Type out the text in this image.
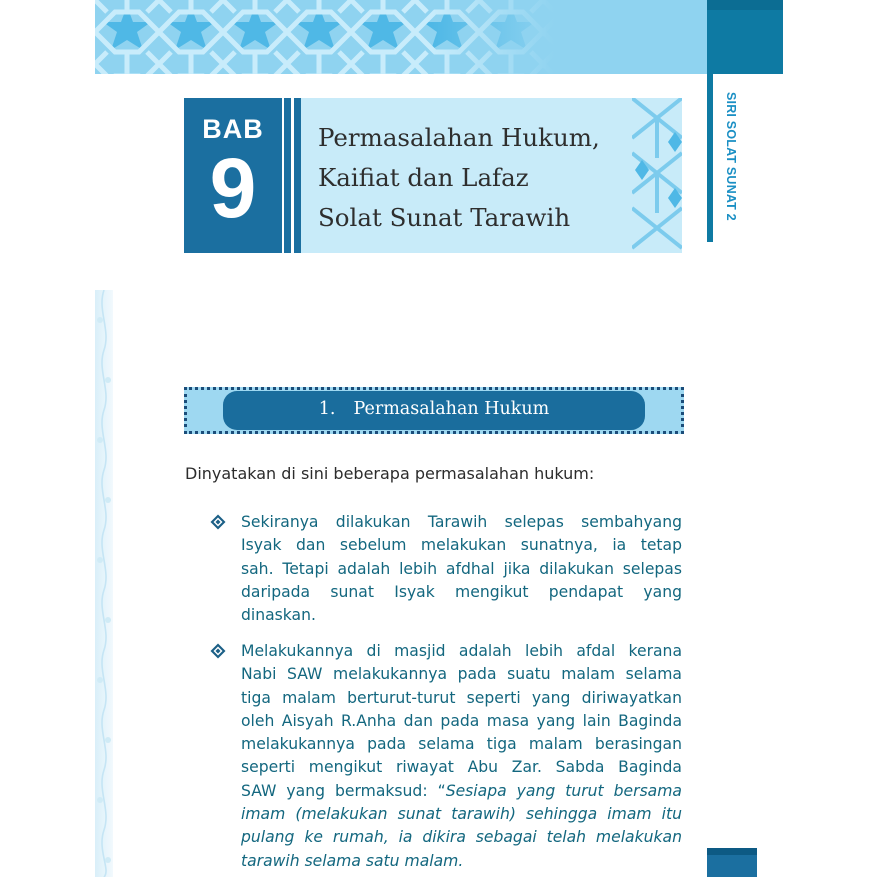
SIRI SOLAT SUNAT 2
BAB
9
Permasalahan Hukum,
Kaifiat dan Lafaz
Solat Sunat Tarawih
1. Permasalahan Hukum
Dinyatakan di sini beberapa permasalahan hukum:
Sekiranya dilakukan Tarawih selepas sembahyang
Isyak dan sebelum melakukan sunatnya, ia tetap
sah. Tetapi adalah lebih afdhal jika dilakukan selepas
daripada sunat Isyak mengikut pendapat yang
dinaskan.
Melakukannya di masjid adalah lebih afdal kerana
Nabi SAW melakukannya pada suatu malam selama
tiga malam berturut-turut seperti yang diriwayatkan
oleh Aisyah R.Anha dan pada masa yang lain Baginda
melakukannya pada selama tiga malam berasingan
seperti mengikut riwayat Abu Zar. Sabda Baginda
SAW yang bermaksud: “Sesiapa yang turut bersama
imam (melakukan sunat tarawih) sehingga imam itu
pulang ke rumah, ia dikira sebagai telah melakukan
tarawih selama satu malam.
